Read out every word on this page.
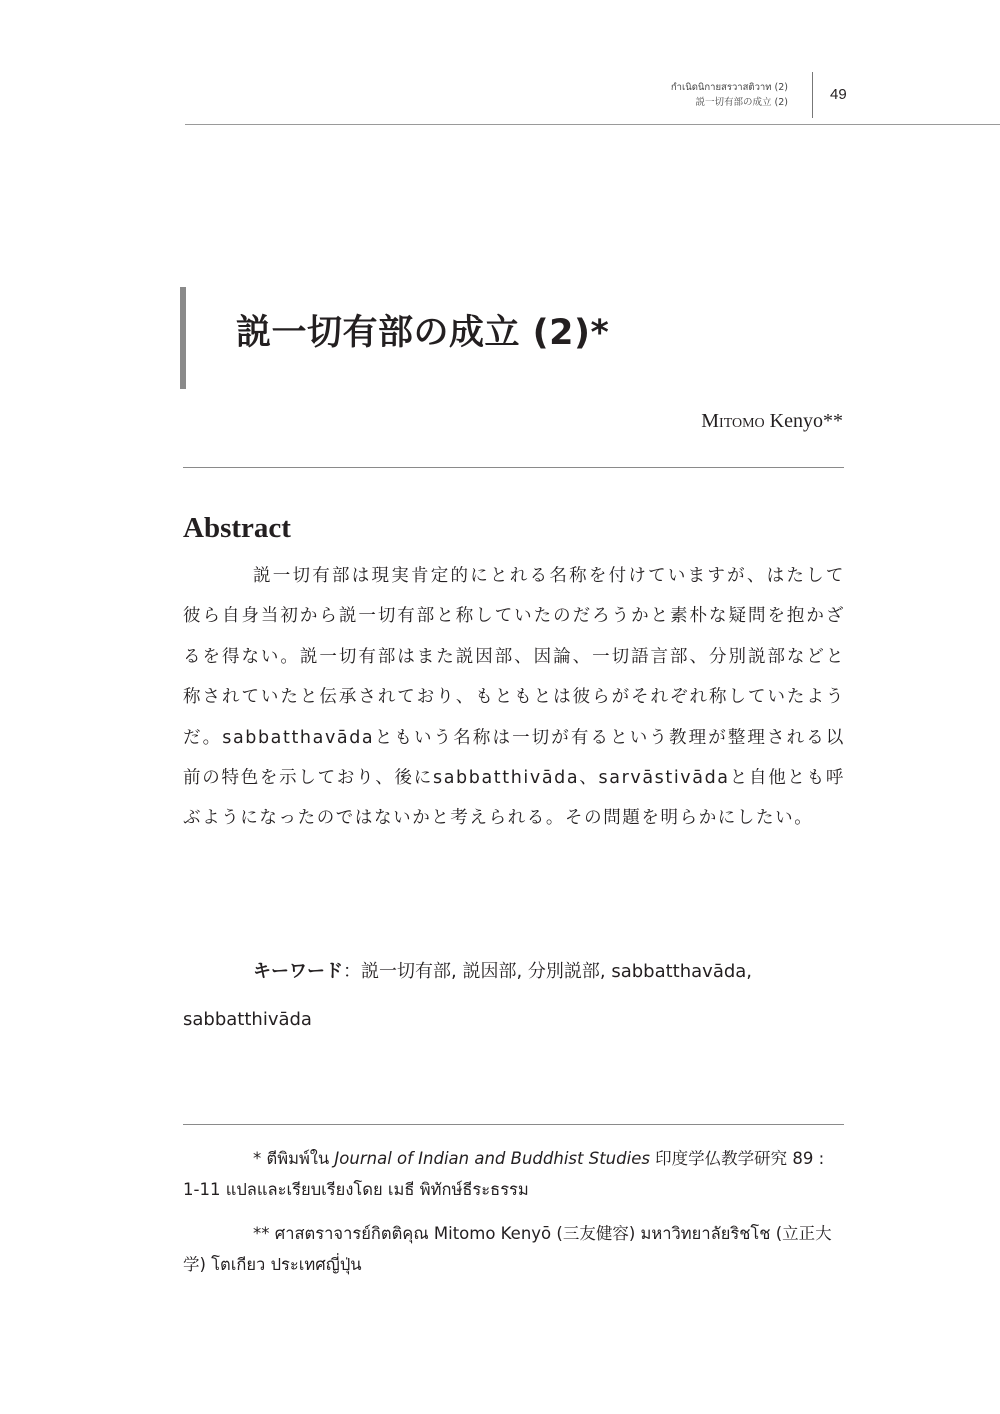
กำเนิดนิกายสรวาสติวาท (2)
説一切有部の成立 (2)	49
説一切有部の成立 (2)*
Mitomo Kenyo**
Abstract

説一切有部は現実肯定的にとれる名称を付けていますが、はたして彼ら自身当初から説一切有部と称していたのだろうかと素朴な疑問を抱かざるを得ない。説一切有部はまた説因部、因論、一切語言部、分別説部などと称されていたと伝承されており、もともとは彼らがそれぞれ称していたようだ。sabbatthavādaともいう名称は一切が有るという教理が整理される以前の特色を示しており、後にsabbatthivāda、sarvāstivādaと自他とも呼ぶようになったのではないかと考えられる。その問題を明らかにしたい。

キーワード：説一切有部, 説因部, 分別説部, sabbatthavāda, sabbatthivāda

* ตีพิมพ์ใน Journal of Indian and Buddhist Studies 印度学仏教学研究 89 : 1-11 แปลและเรียบเรียงโดย เมธี พิทักษ์ธีระธรรม

** ศาสตราจารย์กิตติคุณ Mitomo Kenyō (三友健容) มหาวิทยาลัยริชโช (立正大学) โตเกียว ประเทศญี่ปุ่น
